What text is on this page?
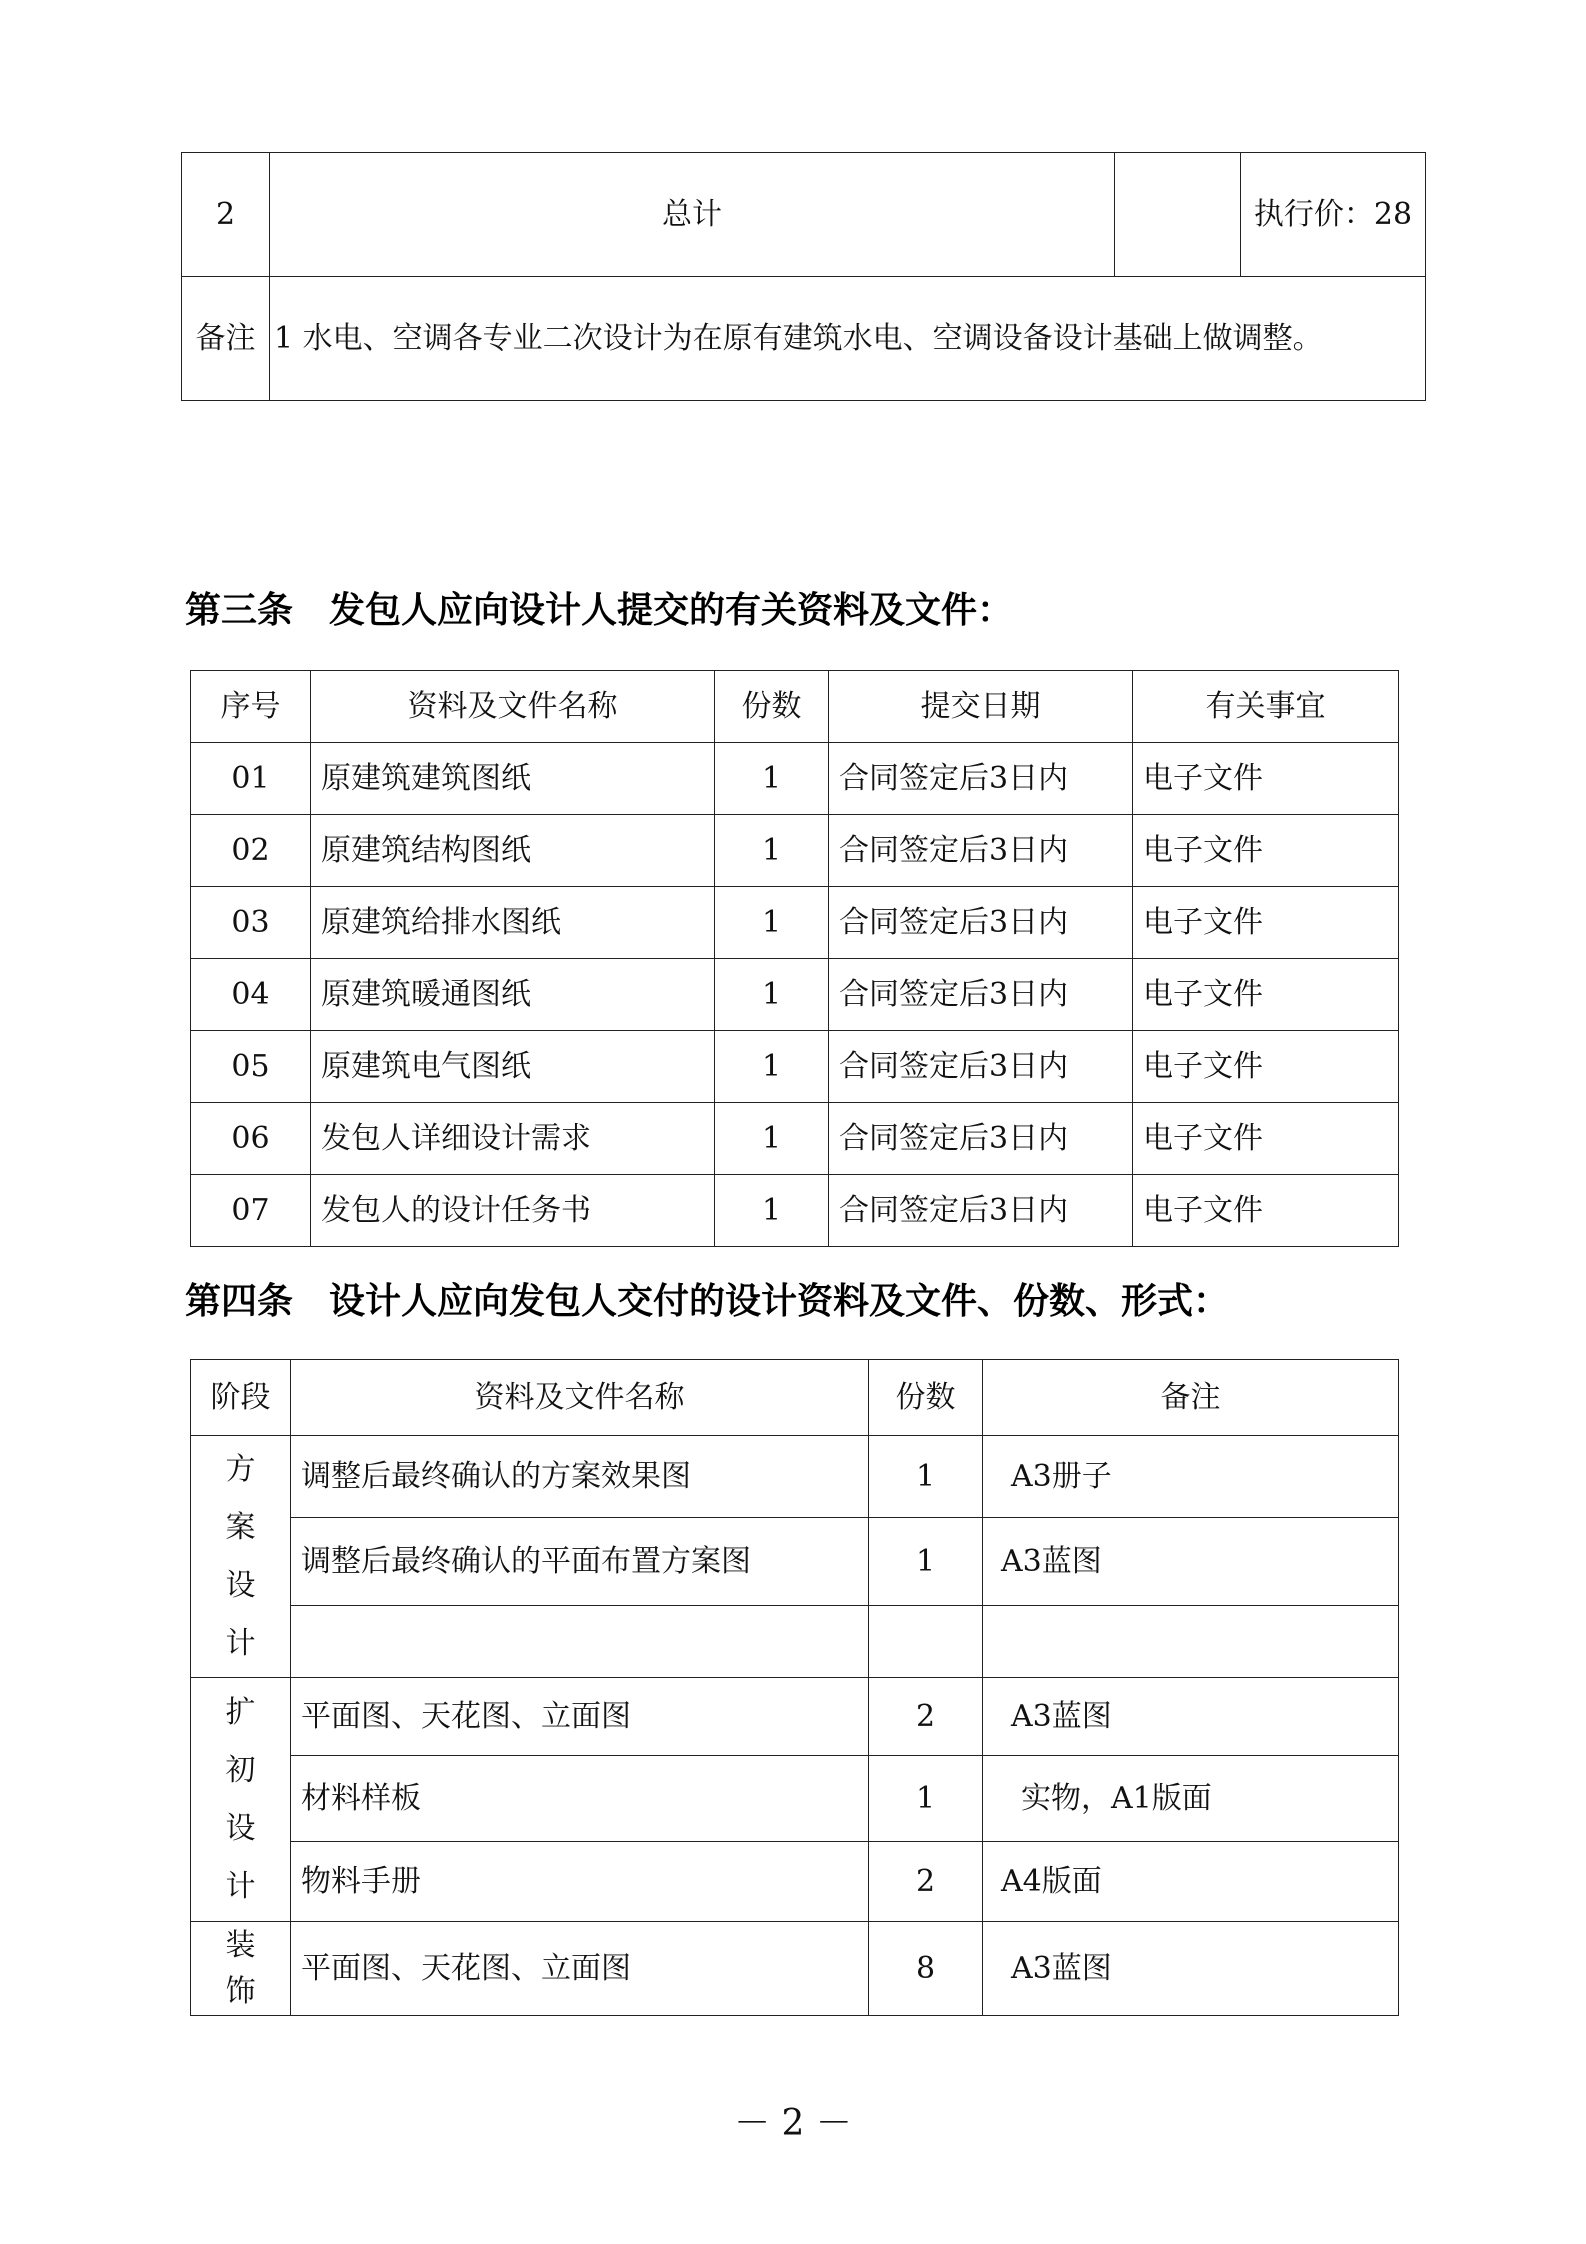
2	总计		执行价：28
备注	1 水电、空调各专业二次设计为在原有建筑水电、空调设备设计基础上做调整。		
第三条 发包人应向设计人提交的有关资料及文件：
序号	资料及文件名称	份数	提交日期	有关事宜
01	原建筑建筑图纸	1	合同签定后3日内	电子文件
02	原建筑结构图纸	1	合同签定后3日内	电子文件
03	原建筑给排水图纸	1	合同签定后3日内	电子文件
04	原建筑暖通图纸	1	合同签定后3日内	电子文件
05	原建筑电气图纸	1	合同签定后3日内	电子文件
06	发包人详细设计需求	1	合同签定后3日内	电子文件
07	发包人的设计任务书	1	合同签定后3日内	电子文件
第四条 设计人应向发包人交付的设计资料及文件、份数、形式：
阶段	资料及文件名称	份数	备注

方
案
设
计	调整后最终确认的方案效果图	1	A3册子
	调整后最终确认的平面布置方案图	1	A3蓝图

扩
初
设
计	平面图、天花图、立面图	2	A3蓝图
	材料样板	1	实物，A1版面
	物料手册	2	A4版面

装
饰	平面图、天花图、立面图	8	A3蓝图
－ 2 －
